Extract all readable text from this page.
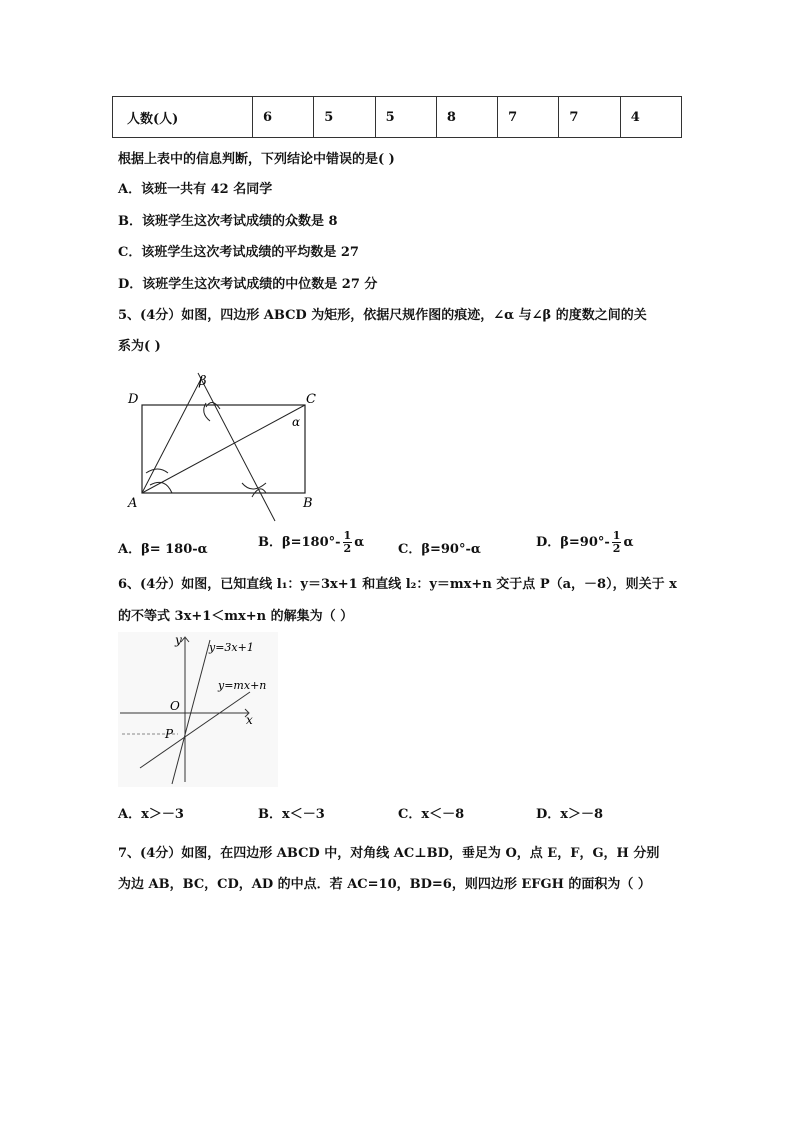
人数(人)	6	5	5	8	7	7	4
根据上表中的信息判断，下列结论中错误的是( )
A．该班一共有 42 名同学
B．该班学生这次考试成绩的众数是 8
C．该班学生这次考试成绩的平均数是 27
D．该班学生这次考试成绩的中位数是 27 分
5、(4分）如图，四边形 ABCD 为矩形，依据尺规作图的痕迹，∠α 与∠β 的度数之间的关
系为( )
D	C
A	B
α
β
A．β= 180-α	B．$\beta=180^\circ- \frac{1}{2}$ α	C．β=90°-α	D．$\beta=90^\circ- \frac{1}{2}$ α
6、(4分）如图，已知直线 l₁：y＝3x+1 和直线 l₂：y＝mx+n 交于点 P（a，－8），则关于 x
的不等式 3x+1＜mx+n 的解集为（ ）
y
x
O
P
y=3x+1
y=mx+n
A．x＞－3	B．x＜－3	C．x＜－8	D．x＞－8
7、(4分）如图，在四边形 ABCD 中，对角线 AC⊥BD，垂足为 O，点 E，F，G，H 分别
为边 AB，BC，CD，AD 的中点．若 AC=10，BD=6，则四边形 EFGH 的面积为（ ）
